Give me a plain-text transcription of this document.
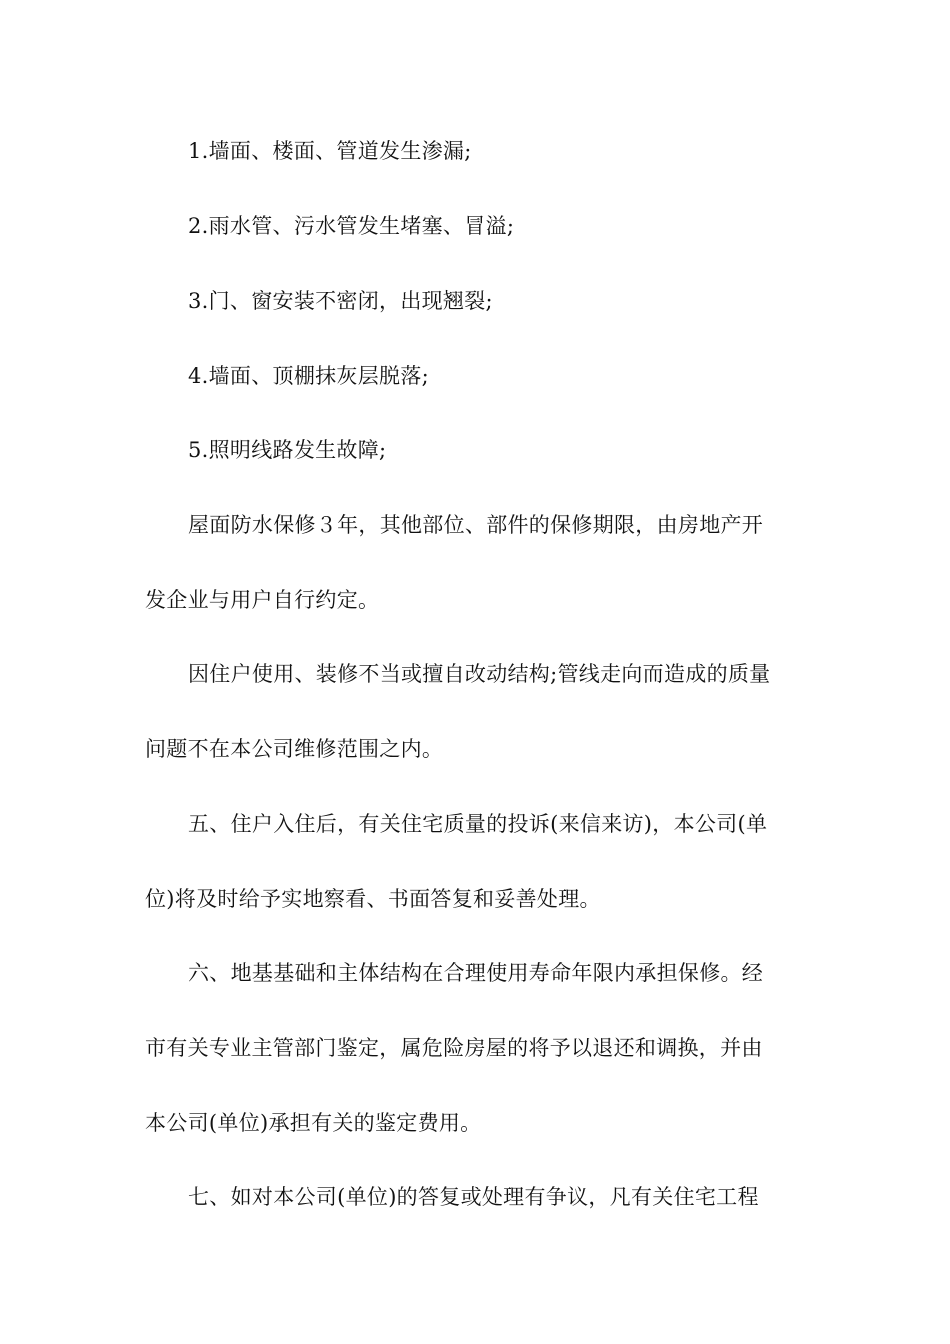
1.墙面、楼面、管道发生渗漏;
2.雨水管、污水管发生堵塞、冒溢;
3.门、窗安装不密闭，出现翘裂;
4.墙面、顶棚抹灰层脱落;
5.照明线路发生故障;
屋面防水保修３年，其他部位、部件的保修期限，由房地产开
发企业与用户自行约定。
因住户使用、装修不当或擅自改动结构;管线走向而造成的质量
问题不在本公司维修范围之内。
五、住户入住后，有关住宅质量的投诉(来信来访)，本公司(单
位)将及时给予实地察看、书面答复和妥善处理。
六、地基基础和主体结构在合理使用寿命年限内承担保修。经
市有关专业主管部门鉴定，属危险房屋的将予以退还和调换，并由
本公司(单位)承担有关的鉴定费用。
七、如对本公司(单位)的答复或处理有争议，凡有关住宅工程
